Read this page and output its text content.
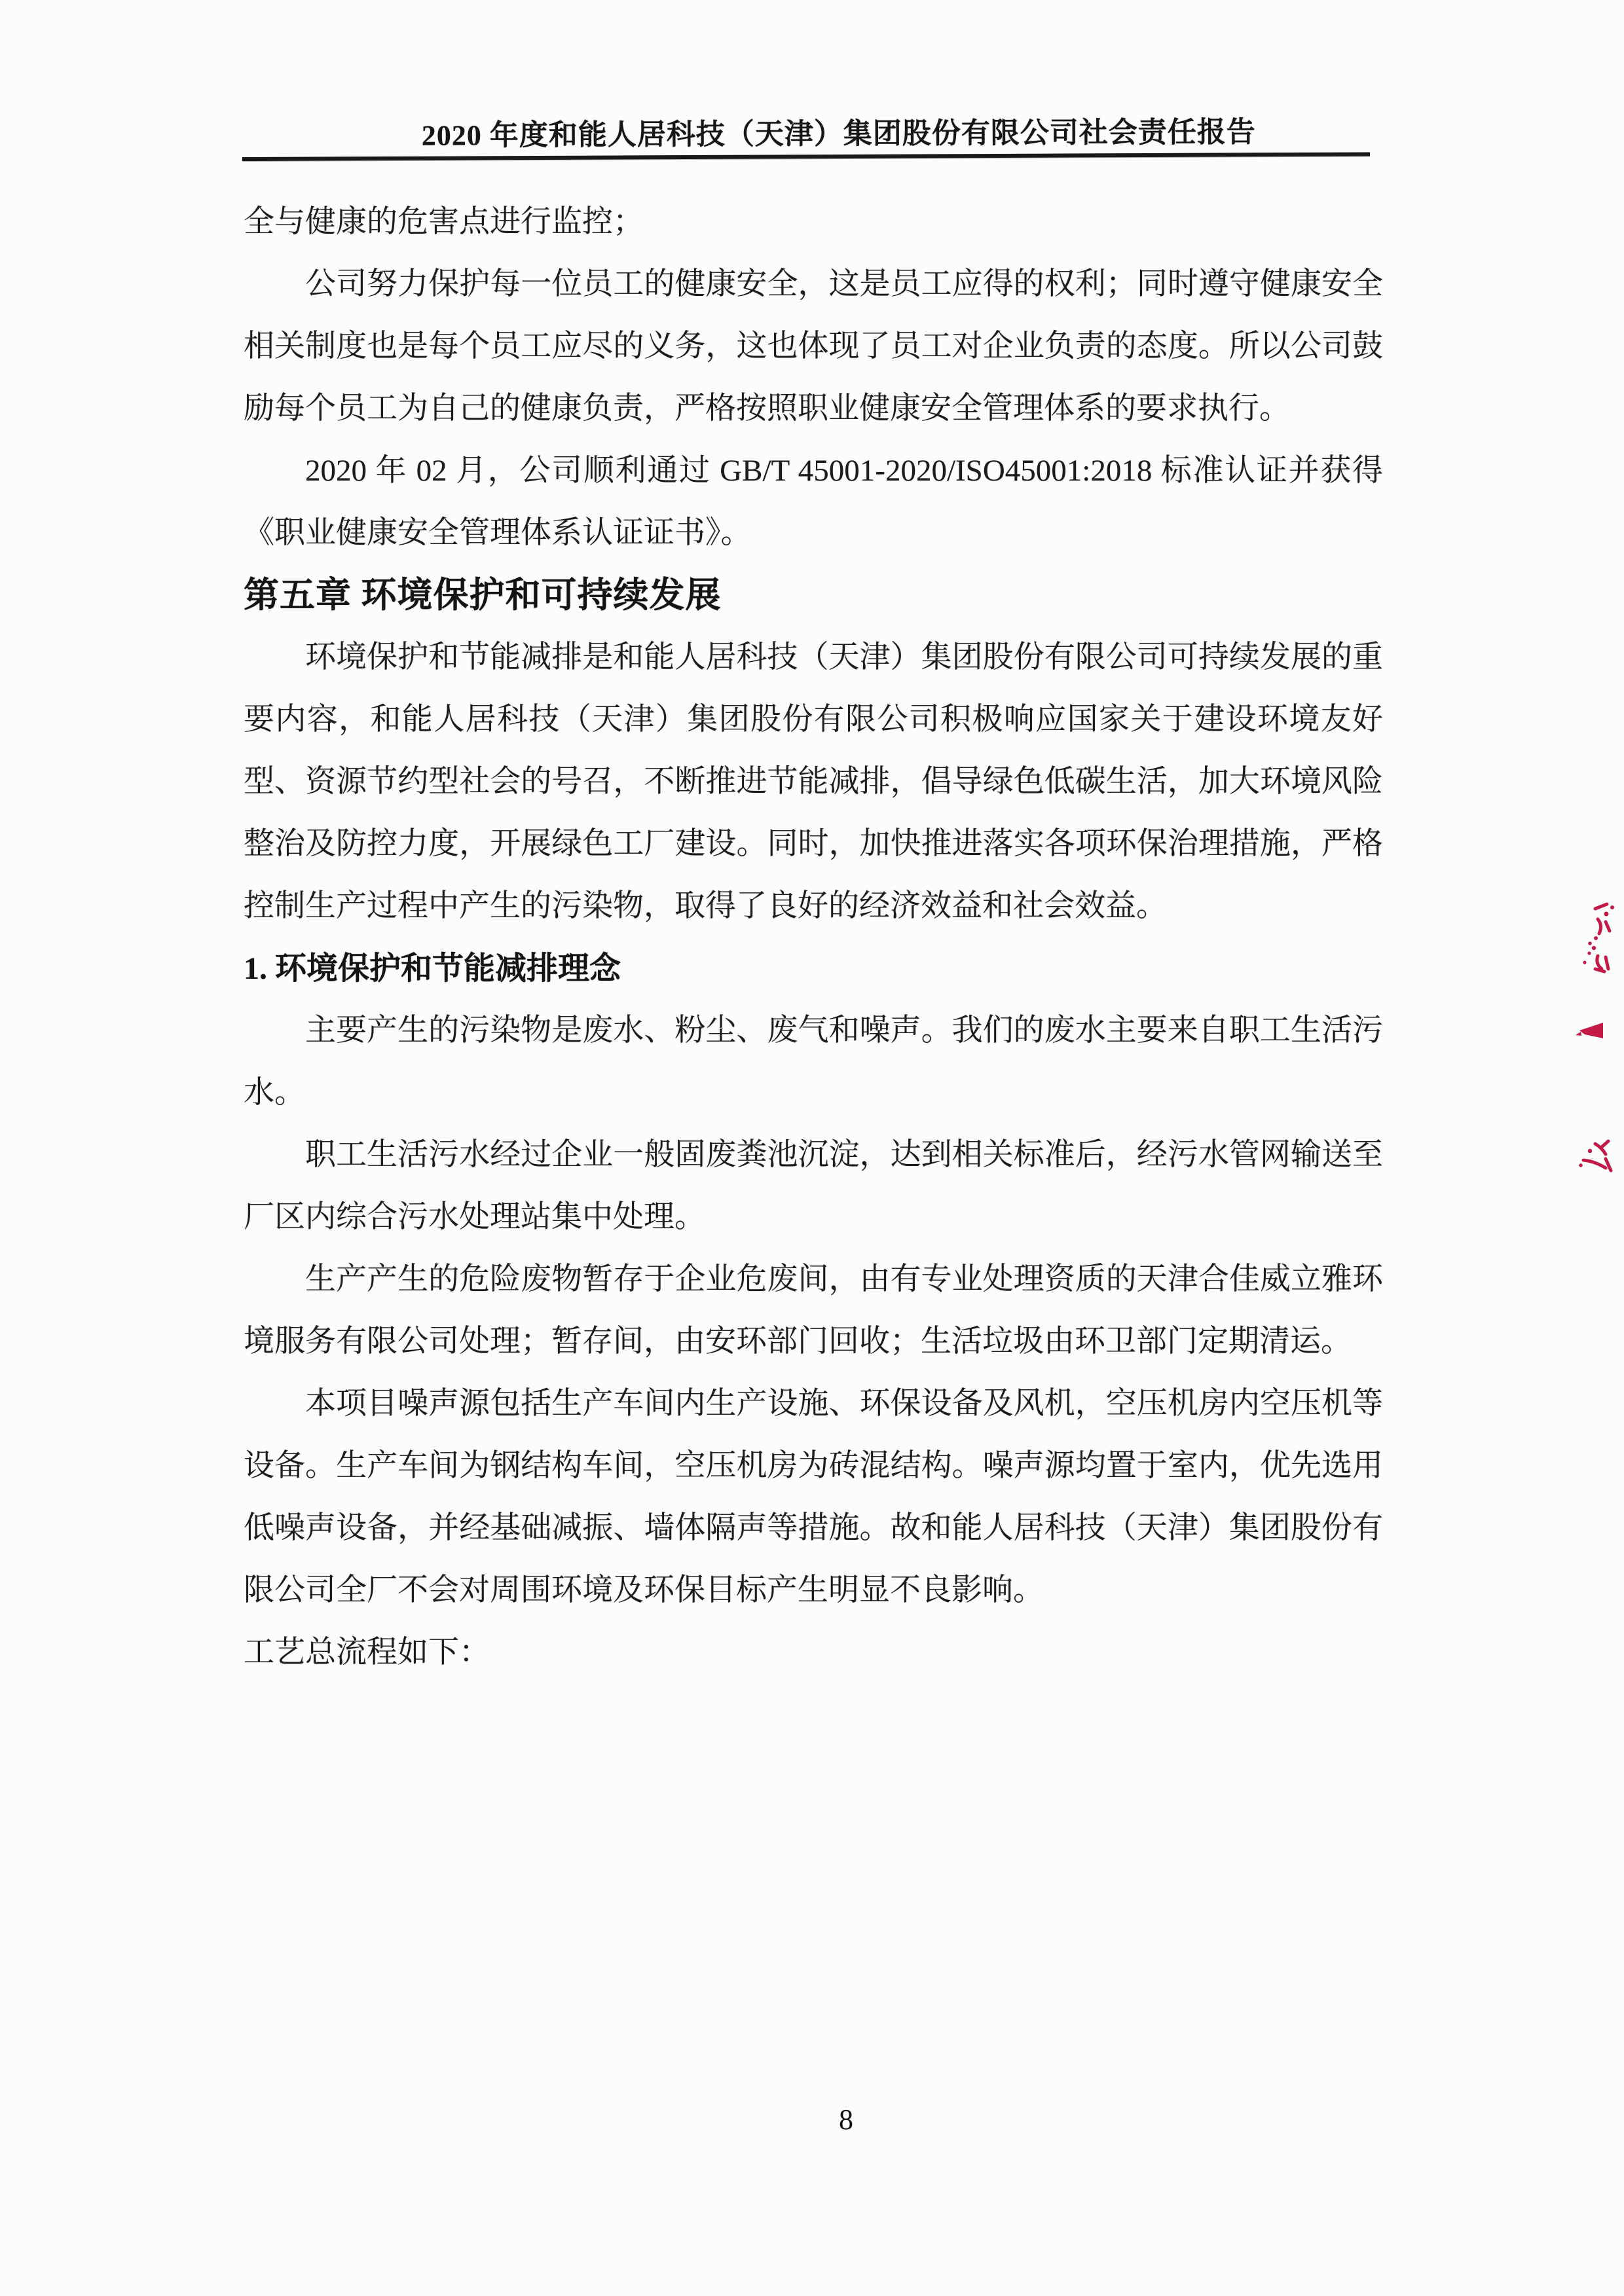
2020 年度和能人居科技（天津）集团股份有限公司社会责任报告

全与健康的危害点进行监控；

公司努力保护每一位员工的健康安全，这是员工应得的权利；同时遵守健康安全相关制度也是每个员工应尽的义务，这也体现了员工对企业负责的态度。所以公司鼓励每个员工为自己的健康负责，严格按照职业健康安全管理体系的要求执行。

2020 年 02 月，公司顺利通过 GB/T 45001-2020/ISO45001:2018 标准认证并获得《职业健康安全管理体系认证证书》。

第五章 环境保护和可持续发展

环境保护和节能减排是和能人居科技（天津）集团股份有限公司可持续发展的重要内容，和能人居科技（天津）集团股份有限公司积极响应国家关于建设环境友好型、资源节约型社会的号召，不断推进节能减排，倡导绿色低碳生活，加大环境风险整治及防控力度，开展绿色工厂建设。同时，加快推进落实各项环保治理措施，严格控制生产过程中产生的污染物，取得了良好的经济效益和社会效益。

1. 环境保护和节能减排理念

主要产生的污染物是废水、粉尘、废气和噪声。我们的废水主要来自职工生活污水。

职工生活污水经过企业一般固废粪池沉淀，达到相关标准后，经污水管网输送至厂区内综合污水处理站集中处理。

生产产生的危险废物暂存于企业危废间，由有专业处理资质的天津合佳威立雅环境服务有限公司处理；暂存间，由安环部门回收；生活垃圾由环卫部门定期清运。

本项目噪声源包括生产车间内生产设施、环保设备及风机，空压机房内空压机等设备。生产车间为钢结构车间，空压机房为砖混结构。噪声源均置于室内，优先选用低噪声设备，并经基础减振、墙体隔声等措施。故和能人居科技（天津）集团股份有限公司全厂不会对周围环境及环保目标产生明显不良影响。

工艺总流程如下：

8
